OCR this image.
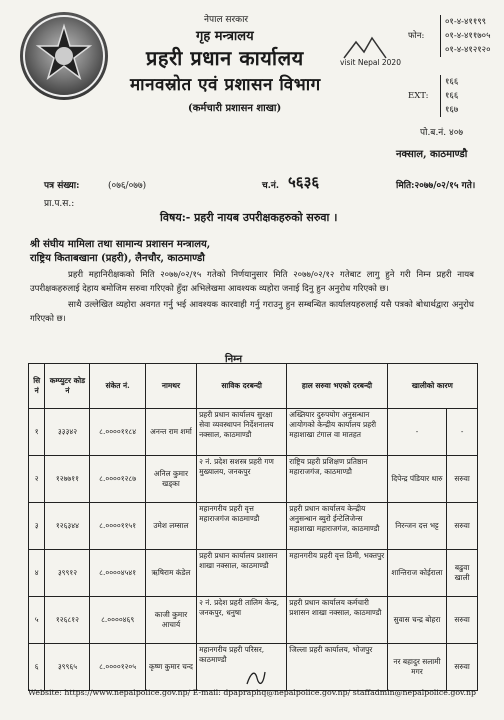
नेपाल सरकार
गृह मन्त्रालय
प्रहरी प्रधान कार्यालय
मानवस्रोत एवं प्रशासन विभाग
(कर्मचारी प्रशासन शाखा)
visit Nepal 2020
फोन:
०१-४-४११९९
०१-४-४११७०५
०१-४-४१२१२०
EXT:
१६६
१६६
१६७
पो.ब.नं. ४०७
नक्साल, काठमाण्डौ
पत्र संख्या:	(०७६/०७७)	च.नं. ५६३६	मिति:२०७७/०२/१५ गते।
प्रा.प.स.:
विषय:- प्रहरी नायब उपरीक्षकहरुको सरुवा ।
श्री संघीय मामिला तथा सामान्य प्रशासन मन्त्रालय,
राष्ट्रिय किताबखाना (प्रहरी), लैनचौर, काठमाण्डौ
प्रहरी महानिरीक्षकको मिति २०७७/०२/१५ गतेको निर्णयानुसार मिति २०७७/०२/१२ गतेबाट लागु हुने गरी निम्न प्रहरी नायब उपरीक्षकहरुलाई देहाय बमोजिम सरुवा गरिएको हुँदा अभिलेखमा आवश्यक व्यहोरा जनाई दिनु हुन अनुरोध गरिएको छ।
साथै उल्लेखित व्यहोरा अवगत गर्नु भई आवश्यक कारवाही गर्नु गराउनु हुन सम्बन्धित कार्यालयहरुलाई यसै पत्रको बोधार्थद्वारा अनुरोध गरिएको छ।
निम्न
सि नं	कम्प्युटर कोड नं	संकेत नं.	नामथर	साविक दरबन्दी	हाल सरुवा भएको दरबन्दी	खालीको कारण	
१	३३३४२	८.००००११८४	अनन्त राम शर्मा	प्रहरी प्रधान कार्यालय सुरक्षा सेवा व्यवस्थापन निर्देशनालय नक्साल, काठमाण्डौ	अख्तियार दुरुपयोग अनुसन्धान आयोगको केन्द्रीय कार्यालय प्रहरी महाशाखा टंगाल वा मातहत	-	-
२	१२७७११	८.००००१२८७	अनिल कुमार खड्का	२ नं. प्रदेश सशस्त्र प्रहरी गण मुख्यालय, जनकपुर	राष्ट्रिय प्रहरी प्रशिक्षण प्रतिष्ठान महाराजगंज, काठमाण्डौ	दिपेन्द्र पंडियार थारु	सरुवा
३	१२६३४४	८.००००११५१	उमेश लम्साल	महानगरीय प्रहरी वृत्त महाराजगंज काठमाण्डौ	प्रहरी प्रधान कार्यालय केन्द्रीय अनुसन्धान ब्युरो ईन्टेलिजेन्स महाशाखा महाराजगंज, काठमाण्डौ	निरन्जन दत्त भट्ट	सरुवा
४	३९९१२	८.००००४५४१	ऋषिराम कंडेल	प्रहरी प्रधान कार्यालय प्रशासन शाखा नक्साल, काठमाण्डौ	महानगरीय प्रहरी वृत्त ठिमी, भक्तपुर	शान्तिराज कोईराला	बढुवा खाली
५	१२६८१२	८.००००४६९	काजी कुमार आचार्य	२ नं. प्रदेश प्रहरी तालिम केन्द्र, जनकपुर, धनुषा	प्रहरी प्रधान कार्यालय कर्मचारी प्रशासन शाखा नक्साल, काठमाण्डौ	सुवास चन्द्र बोहरा	सरुवा
६	३९९६५	८.००००१२०५	कृष्ण कुमार चन्द	महानगरीय प्रहरी परिसर, काठमाण्डौ	जिल्ला प्रहरी कार्यालय, भोजपुर	नर बहादुर सलामी मगर	सरुवा
Website: https://www.nepalpolice.gov.np/ E-mail: dpapraphq@nepalpolice.gov.np/ staffadmin@nepalpolice.gov.np
